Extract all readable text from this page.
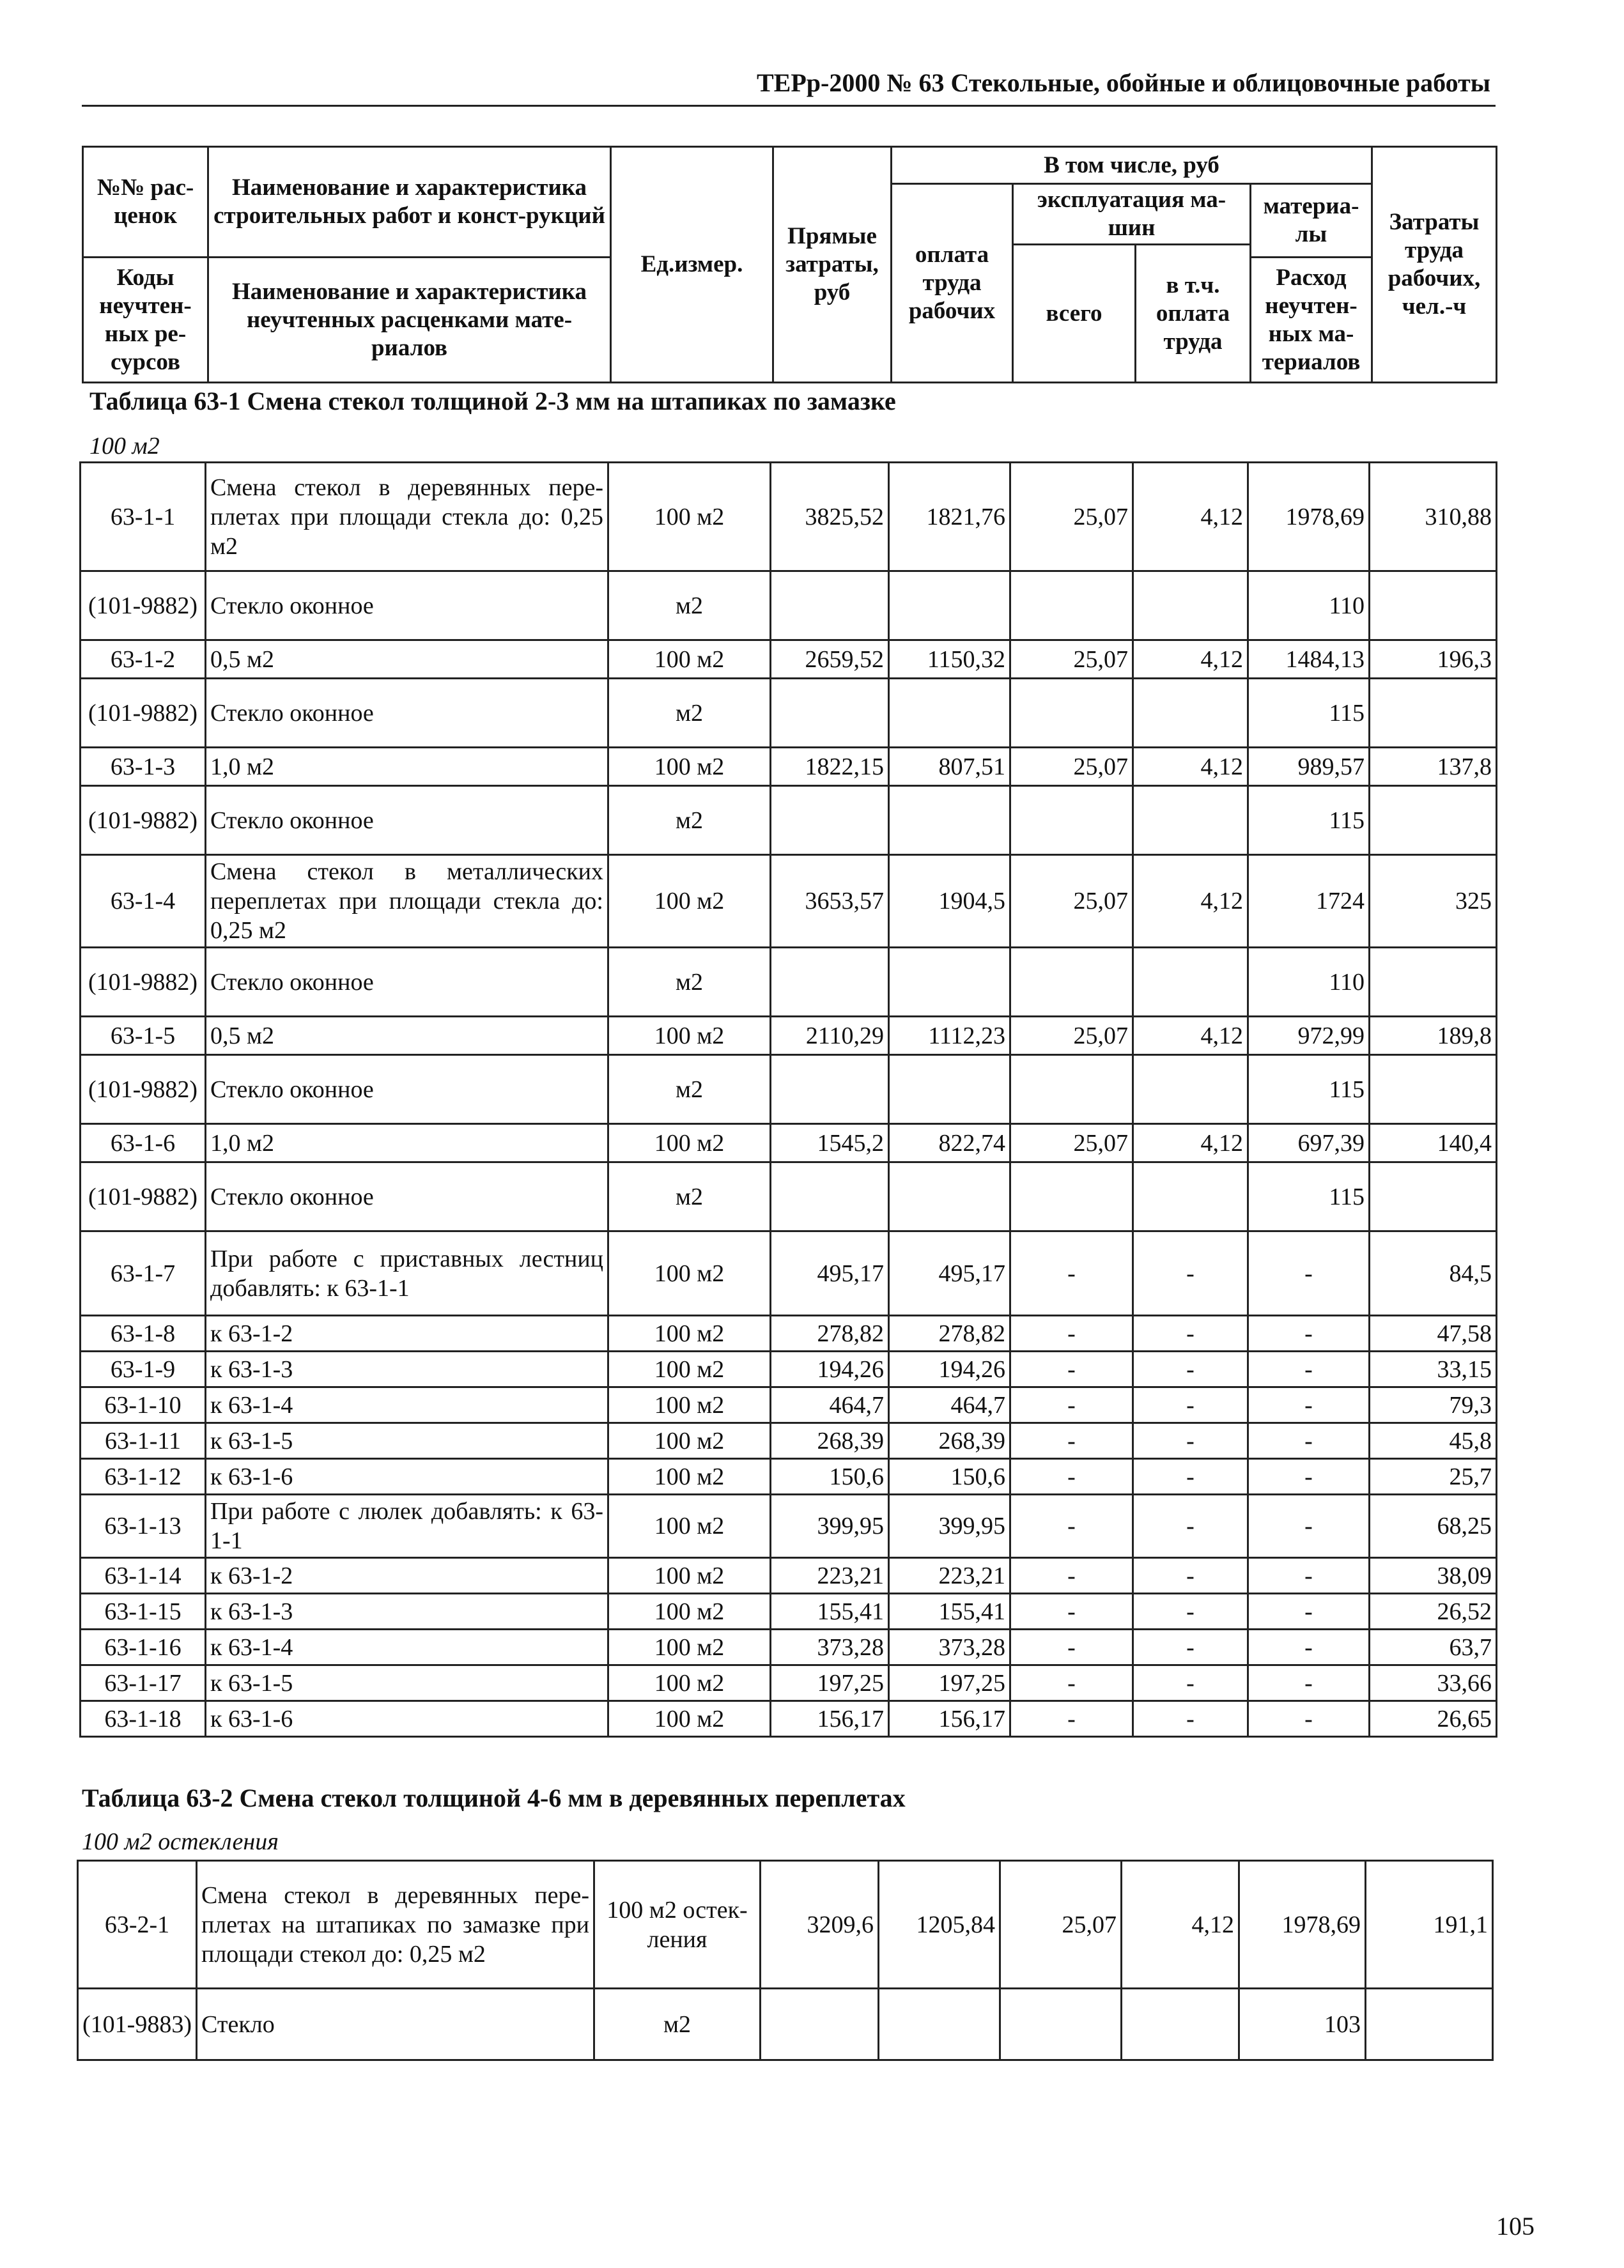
ТЕРр-2000 № 63 Стекольные, обойные и облицовочные работы
№№ рас-ценок	Наименование и характеристика строительных работ и конст-рукций	Ед.измер.	Прямые затраты, руб	В том числе, руб				Затраты труда рабочих, чел.-ч
				оплата труда рабочих	эксплуатация ма-шин		материа-лы	
					всего	в т.ч. оплата труда		
Коды неучтен-ных ре-сурсов	Наименование и характеристика неучтенных расценками мате-риалов						Расход неучтен-ных ма-териалов	

Таблица 63-1 Смена стекол толщиной 2-3 мм на штапиках по замазке
100 м2
63-1-1	Смена стекол в деревянных пере-плетах при площади стекла до: 0,25 м2	100 м2	3825,52	1821,76	25,07	4,12	1978,69	310,88
(101-9882)	Стекло оконное	м2					110	
63-1-2	0,5 м2	100 м2	2659,52	1150,32	25,07	4,12	1484,13	196,3
(101-9882)	Стекло оконное	м2					115	
63-1-3	1,0 м2	100 м2	1822,15	807,51	25,07	4,12	989,57	137,8
(101-9882)	Стекло оконное	м2					115	
63-1-4	Смена стекол в металлических переплетах при площади стекла до: 0,25 м2	100 м2	3653,57	1904,5	25,07	4,12	1724	325
(101-9882)	Стекло оконное	м2					110	
63-1-5	0,5 м2	100 м2	2110,29	1112,23	25,07	4,12	972,99	189,8
(101-9882)	Стекло оконное	м2					115	
63-1-6	1,0 м2	100 м2	1545,2	822,74	25,07	4,12	697,39	140,4
(101-9882)	Стекло оконное	м2					115	
63-1-7	При работе с приставных лестниц добавлять: к 63-1-1	100 м2	495,17	495,17	-	-	-	84,5
63-1-8	к 63-1-2	100 м2	278,82	278,82	-	-	-	47,58
63-1-9	к 63-1-3	100 м2	194,26	194,26	-	-	-	33,15
63-1-10	к 63-1-4	100 м2	464,7	464,7	-	-	-	79,3
63-1-11	к 63-1-5	100 м2	268,39	268,39	-	-	-	45,8
63-1-12	к 63-1-6	100 м2	150,6	150,6	-	-	-	25,7
63-1-13	При работе с люлек добавлять: к 63-1-1	100 м2	399,95	399,95	-	-	-	68,25
63-1-14	к 63-1-2	100 м2	223,21	223,21	-	-	-	38,09
63-1-15	к 63-1-3	100 м2	155,41	155,41	-	-	-	26,52
63-1-16	к 63-1-4	100 м2	373,28	373,28	-	-	-	63,7
63-1-17	к 63-1-5	100 м2	197,25	197,25	-	-	-	33,66
63-1-18	к 63-1-6	100 м2	156,17	156,17	-	-	-	26,65
Таблица 63-2 Смена стекол толщиной 4-6 мм в деревянных переплетах
100 м2 остекления
63-2-1	Смена стекол в деревянных пере-плетах на штапиках по замазке при площади стекол до: 0,25 м2	100 м2 остек-ления	3209,6	1205,84	25,07	4,12	1978,69	191,1
(101-9883)	Стекло	м2					103	
105
